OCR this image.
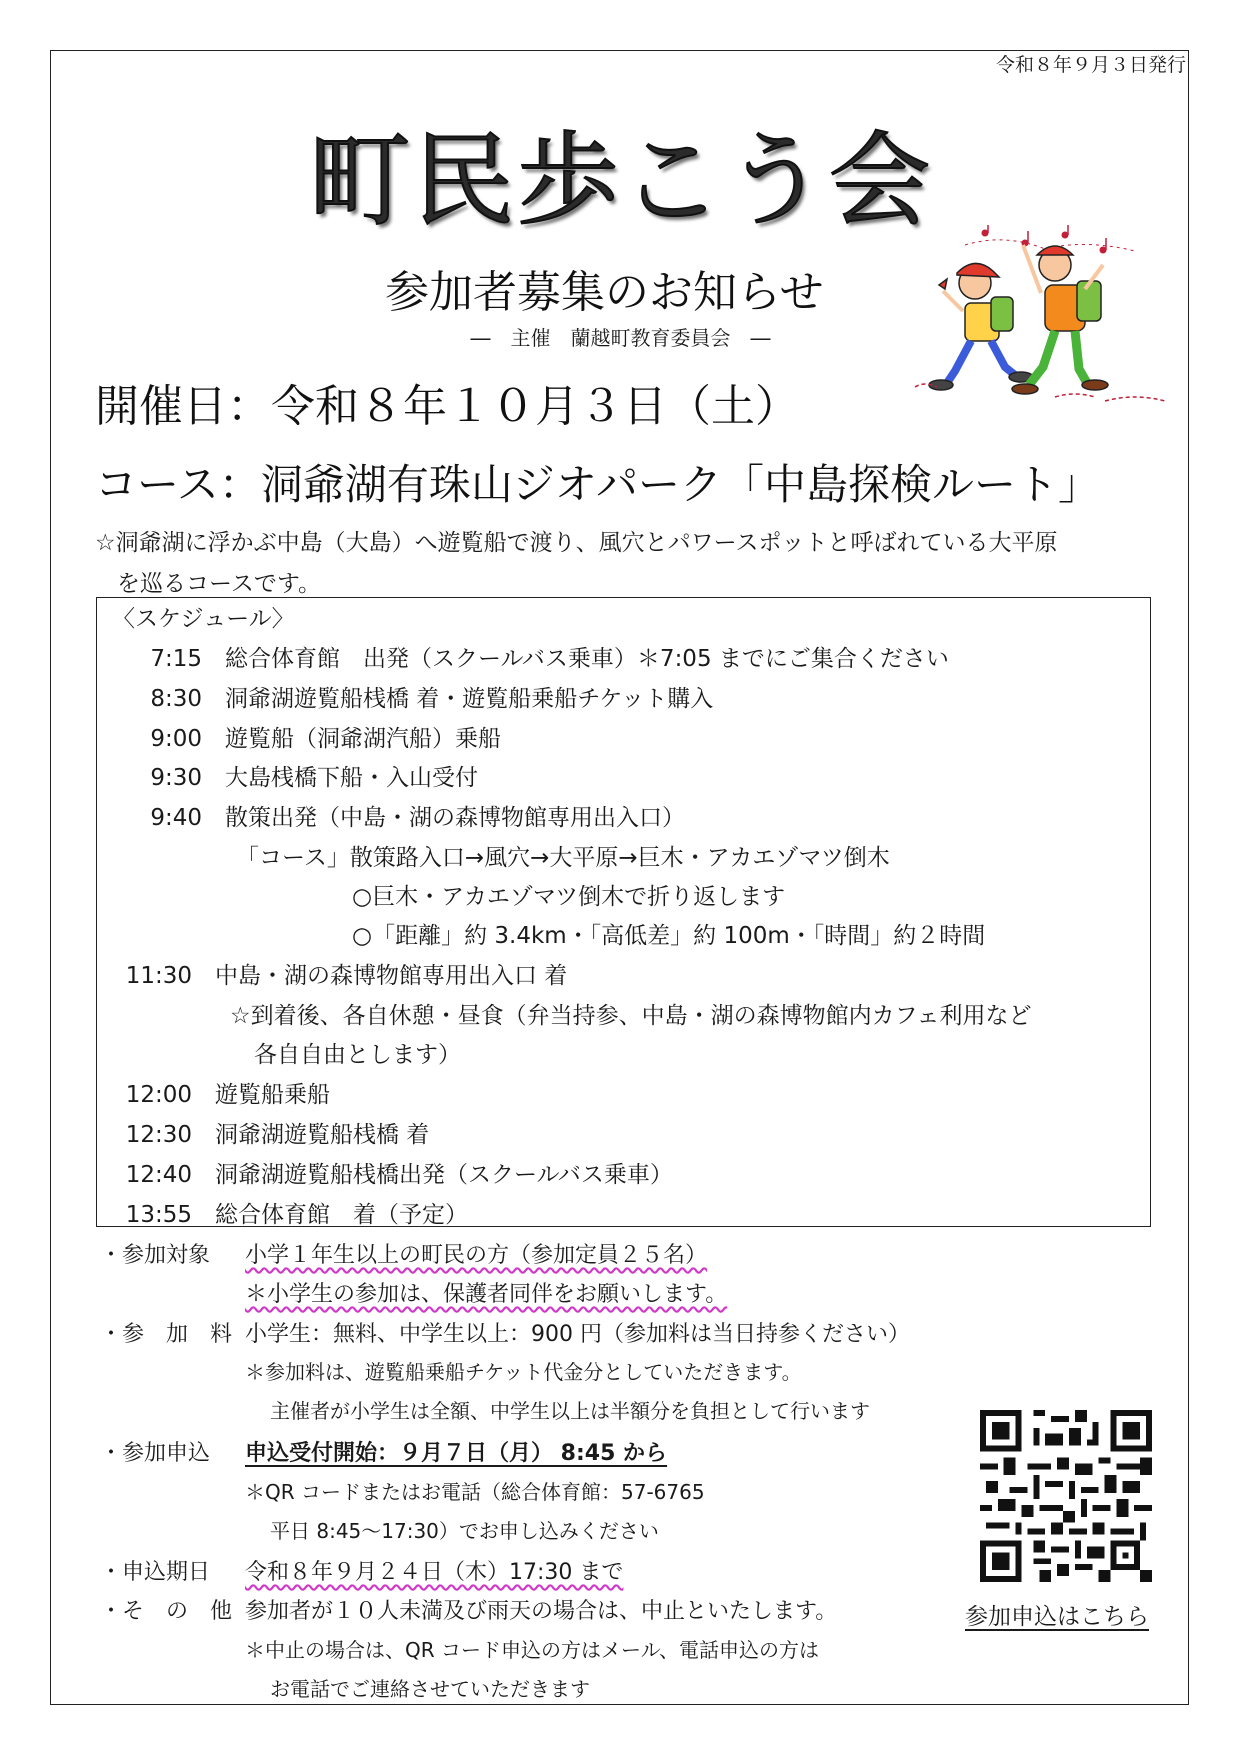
令和８年９月３日発行
町民歩こう会
参加者募集のお知らせ
―　主催　蘭越町教育委員会　―
開催日：令和８年１０月３日（土）
コース：洞爺湖有珠山ジオパーク「中島探検ルート」
☆洞爺湖に浮かぶ中島（大島）へ遊覧船で渡り、風穴とパワースポットと呼ばれている大平原
を巡るコースです。
〈スケジュール〉
7:15　 総合体育館　出発（スクールバス乗車）＊7:05 までにご集合ください
8:30　 洞爺湖遊覧船桟橋 着・遊覧船乗船チケット購入
9:00　 遊覧船（洞爺湖汽船）乗船
9:30　 大島桟橋下船・入山受付
9:40　 散策出発（中島・湖の森博物館専用出入口）
「コース」散策路入口→風穴→大平原→巨木・アカエゾマツ倒木
○巨木・アカエゾマツ倒木で折り返します
○「距離」約 3.4km・「高低差」約 100m・「時間」約２時間
11:30　 中島・湖の森博物館専用出入口 着
☆到着後、各自休憩・昼食（弁当持参、中島・湖の森博物館内カフェ利用など
各自自由とします）
12:00　 遊覧船乗船
12:30　 洞爺湖遊覧船桟橋 着
12:40　 洞爺湖遊覧船桟橋出発（スクールバス乗車）
13:55　 総合体育館　着（予定）
・参加対象 小学１年生以上の町民の方（参加定員２５名）
＊小学生の参加は、保護者同伴をお願いします。
・参　加　料 小学生：無料、中学生以上：900 円（参加料は当日持参ください）
＊参加料は、遊覧船乗船チケット代金分としていただきます。
主催者が小学生は全額、中学生以上は半額分を負担として行います
・参加申込 申込受付開始：９月７日（月） 8:45 から
＊QR コードまたはお電話（総合体育館：57-6765
平日 8:45～17:30）でお申し込みください
・申込期日 令和８年９月２４日（木）17:30 まで
・そ　の　他 参加者が１０人未満及び雨天の場合は、中止といたします。
＊中止の場合は、QR コード申込の方はメール、電話申込の方は
お電話でご連絡させていただきます
参加申込はこちら
